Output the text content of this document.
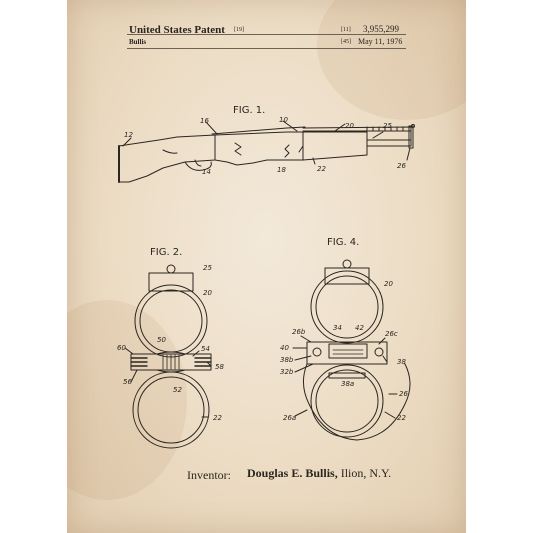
United States Patent [19]
Bullis
[11] 3,955,299
[45] May 11, 1976
FIG. 1.
12
14
16	10
18
20
22
25
26
FIG. 2.
25
20
50
54
58
60
56
52
22
FIG. 4.
20
26b	34 42
26c
40
38b
32b
38
38a
26
26a	22
Inventor: Douglas E. Bullis, Ilion, N.Y.
